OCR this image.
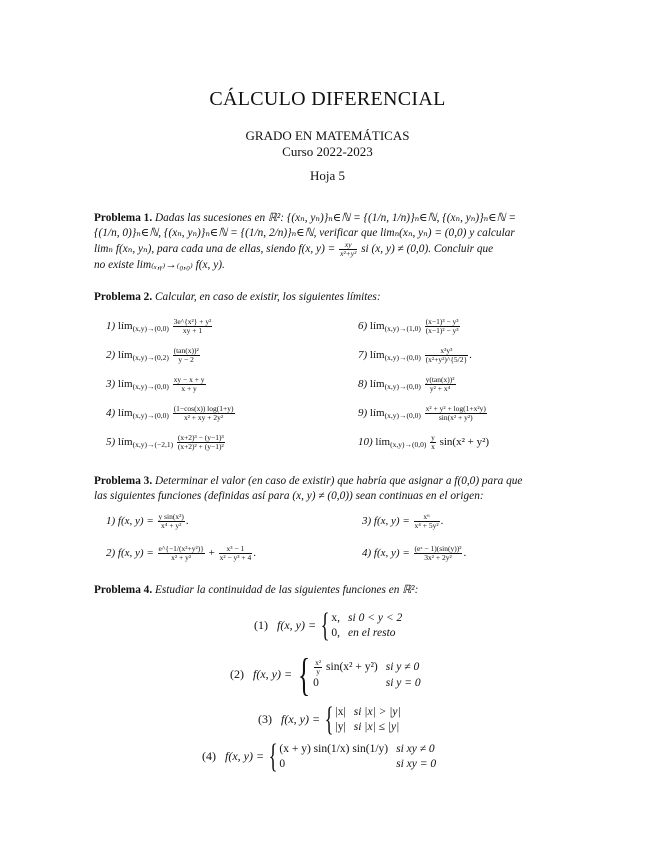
CÁLCULO DIFERENCIAL
GRADO EN MATEMÁTICAS
Curso 2022-2023
Hoja 5
Problema 1. Dadas las sucesiones en ℝ²: {(xₙ, yₙ)}ₙ∈ℕ = {(1/n, 1/n)}ₙ∈ℕ, {(xₙ, yₙ)}ₙ∈ℕ =
{(1/n, 0)}ₙ∈ℕ, {(xₙ, yₙ)}ₙ∈ℕ = {(1/n, 2/n)}ₙ∈ℕ, verificar que limₙ(xₙ, yₙ) = (0,0) y calcular
limₙ f(xₙ, yₙ), para cada una de ellas, siendo f(x, $y) = \frac{xy}{\text{x²+y²}}$ si (x, y) ≠ (0,0). Concluir que
no existe lim₍ₓ,ᵧ₎→₍₀,₀₎ f(x, y).
Problema 2. Calcular, en caso de existir, los siguientes límites:
1) lím(x,y)→(0,0) $\frac{\text{3e\textasciicircum{}\{x²\} + y²}}{xy + 1}$
2) lím(x,y)→(0,2) $\frac{\text{(tan(x))²}}{y - 2}$
3) lím(x,y)→(0,0) $\frac{xy - x + y}{x + y}$
4) lím(x,y)→(0,0) $\frac{(1-\cos(x)) \log(1+y)}{\text{x² + xy + 2y²}}$
5) lím(x,y)→(−2,1) $\frac{\text{(x+2)³ − (y−1)³}}{\text{(x+2)² + (y−1)²}}$
6) lím(x,y)→(1,0) $\frac{\text{(x−1)³ − y³}}{\text{(x−1)² − y³}}$
7) lím(x,y)→(0,0) $\frac{\text{x³y³}}{\text{(x²+y²)\textasciicircum{}\{5/2\}}}$ .
8) lím(x,y)→(0,0) $\frac{\text{y(tan(x))²}}{\text{y² + x⁴}}$
9) lím(x,y)→(0,0) $\frac{\text{x² + y² + log(1+x²y)}}{\text{sin(x² + y²)}}$
10) lím(x,y)→(0,0) $\frac{y}{x} \sin(x^2 + y^2)$
Problema 3. Determinar el valor (en caso de existir) que habría que asignar a f(0,0) para que
las siguientes funciones (definidas así para (x, y) ≠ (0,0)) sean continuas en el origen:
1) f(x, $y) = \frac{\text{y sin(x²)}}{\text{x⁴ + y²}}$ .
2) f(x, $y) = \frac{\text{e\textasciicircum{}\{−1/(x²+y²)\}}}{\text{x² + y²}} + \frac{\text{x³ − 1}}{\text{x² − y³ + 4}}$ .
3) f(x, $y) = \frac{\text{x⁶}}{\text{x⁴ + 5y²}}$ .
4) f(x, $y) = \frac{\text{(eˣ − 1)(sin(y))²}}{\text{3x² + 2y²}}$ .
Problema 4. Estudiar la continuidad de las siguientes funciones en ℝ²:
(1)   f(x, y) = { x,	si 0 < y < 2
0,	en el resto
(2)   f(x, y) = { $\frac{\text{x²}}{y} \sin(x^2 + y^2)$	si y ≠ 0
0	si y = 0
(3)   f(x, y) = { |x|	si |x| > |y|
|y|	si |x| ≤ |y|
(4)   f(x, y) = { (x + y) sin(1/x) sin(1/y)	si xy ≠ 0
0	si xy = 0
